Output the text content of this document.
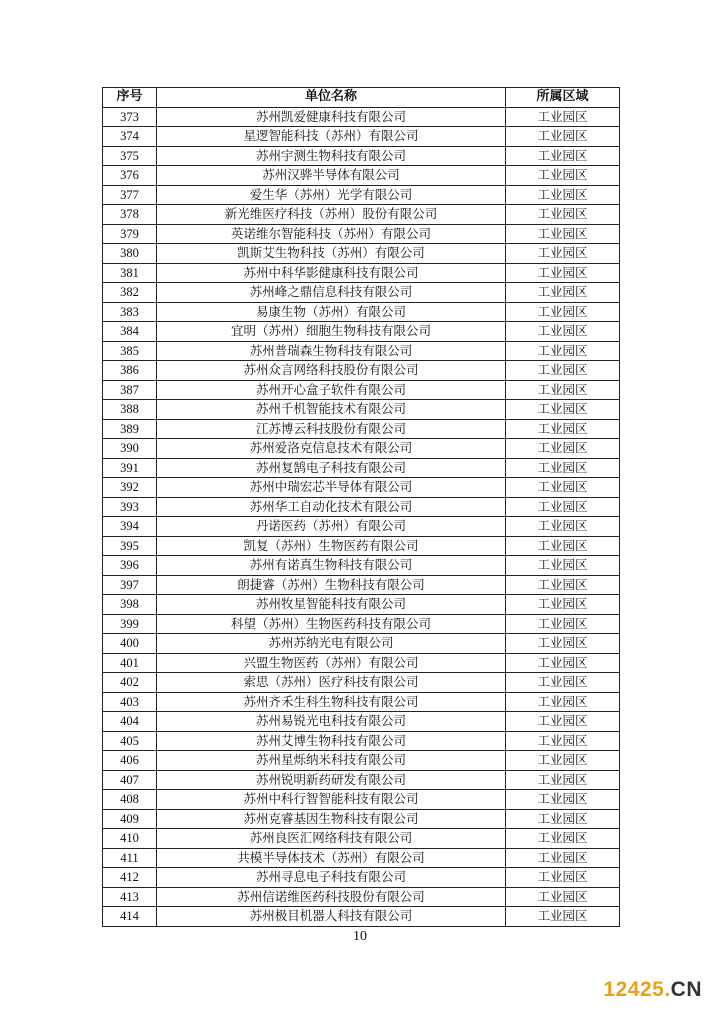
序号	单位名称	所属区域
373	苏州凯爱健康科技有限公司	工业园区
374	星逻智能科技（苏州）有限公司	工业园区
375	苏州宇测生物科技有限公司	工业园区
376	苏州汉骅半导体有限公司	工业园区
377	爱生华（苏州）光学有限公司	工业园区
378	新光维医疗科技（苏州）股份有限公司	工业园区
379	英诺维尔智能科技（苏州）有限公司	工业园区
380	凯斯艾生物科技（苏州）有限公司	工业园区
381	苏州中科华影健康科技有限公司	工业园区
382	苏州峰之鼎信息科技有限公司	工业园区
383	易康生物（苏州）有限公司	工业园区
384	宜明（苏州）细胞生物科技有限公司	工业园区
385	苏州普瑞森生物科技有限公司	工业园区
386	苏州众言网络科技股份有限公司	工业园区
387	苏州开心盒子软件有限公司	工业园区
388	苏州千机智能技术有限公司	工业园区
389	江苏博云科技股份有限公司	工业园区
390	苏州爱洛克信息技术有限公司	工业园区
391	苏州复鹄电子科技有限公司	工业园区
392	苏州中瑞宏芯半导体有限公司	工业园区
393	苏州华工自动化技术有限公司	工业园区
394	丹诺医药（苏州）有限公司	工业园区
395	凯复（苏州）生物医药有限公司	工业园区
396	苏州有诺真生物科技有限公司	工业园区
397	朗捷睿（苏州）生物科技有限公司	工业园区
398	苏州牧星智能科技有限公司	工业园区
399	科望（苏州）生物医药科技有限公司	工业园区
400	苏州苏纳光电有限公司	工业园区
401	兴盟生物医药（苏州）有限公司	工业园区
402	索思（苏州）医疗科技有限公司	工业园区
403	苏州齐禾生科生物科技有限公司	工业园区
404	苏州易锐光电科技有限公司	工业园区
405	苏州艾博生物科技有限公司	工业园区
406	苏州星烁纳米科技有限公司	工业园区
407	苏州锐明新药研发有限公司	工业园区
408	苏州中科行智智能科技有限公司	工业园区
409	苏州克睿基因生物科技有限公司	工业园区
410	苏州良医汇网络科技有限公司	工业园区
411	共模半导体技术（苏州）有限公司	工业园区
412	苏州寻息电子科技有限公司	工业园区
413	苏州信诺维医药科技股份有限公司	工业园区
414	苏州极目机器人科技有限公司	工业园区
10
12425.CN
